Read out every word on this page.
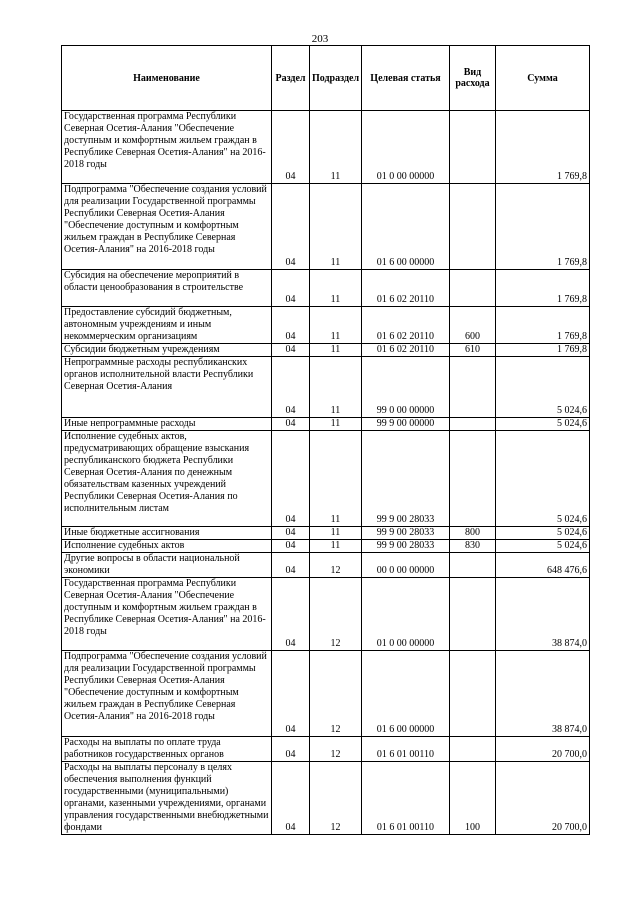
203
Наименование	Раздел	Подраздел	Целевая статья	Вид расхода	Сумма
Государственная программа Республики Северная Осетия-Алания "Обеспечение доступным и комфортным жильем граждан в Республике Северная Осетия-Алания" на 2016-2018 годы	04	11	01 0 00 00000		1 769,8
Подпрограмма "Обеспечение создания условий для реализации Государственной программы Республики Северная Осетия-Алания "Обеспечение доступным и комфортным жильем граждан в Республике Северная Осетия-Алания" на 2016-2018 годы	04	11	01 6 00 00000		1 769,8
Субсидия на обеспечение мероприятий в области ценообразования в строительстве	04	11	01 6 02 20110		1 769,8
Предоставление субсидий бюджетным, автономным учреждениям и иным некоммерческим организациям	04	11	01 6 02 20110	600	1 769,8
Субсидии бюджетным учреждениям	04	11	01 6 02 20110	610	1 769,8
Непрограммные расходы республиканских органов исполнительной власти Республики Северная Осетия-Алания	04	11	99 0 00 00000		5 024,6
Иные непрограммные расходы	04	11	99 9 00 00000		5 024,6
Исполнение судебных актов, предусматривающих обращение взыскания республиканского бюджета Республики Северная Осетия-Алания по денежным обязательствам казенных учреждений Республики Северная Осетия-Алания по исполнительным листам	04	11	99 9 00 28033		5 024,6
Иные бюджетные ассигнования	04	11	99 9 00 28033	800	5 024,6
Исполнение судебных актов	04	11	99 9 00 28033	830	5 024,6
Другие вопросы в области национальной экономики	04	12	00 0 00 00000		648 476,6
Государственная программа Республики Северная Осетия-Алания "Обеспечение доступным и комфортным жильем граждан в Республике Северная Осетия-Алания" на 2016-2018 годы	04	12	01 0 00 00000		38 874,0
Подпрограмма "Обеспечение создания условий для реализации Государственной программы Республики Северная Осетия-Алания "Обеспечение доступным и комфортным жильем граждан в Республике Северная Осетия-Алания" на 2016-2018 годы	04	12	01 6 00 00000		38 874,0
Расходы на выплаты по оплате труда работников государственных органов	04	12	01 6 01 00110		20 700,0
Расходы на выплаты персоналу в целях обеспечения выполнения функций государственными (муниципальными) органами, казенными учреждениями, органами управления государственными внебюджетными фондами	04	12	01 6 01 00110	100	20 700,0
